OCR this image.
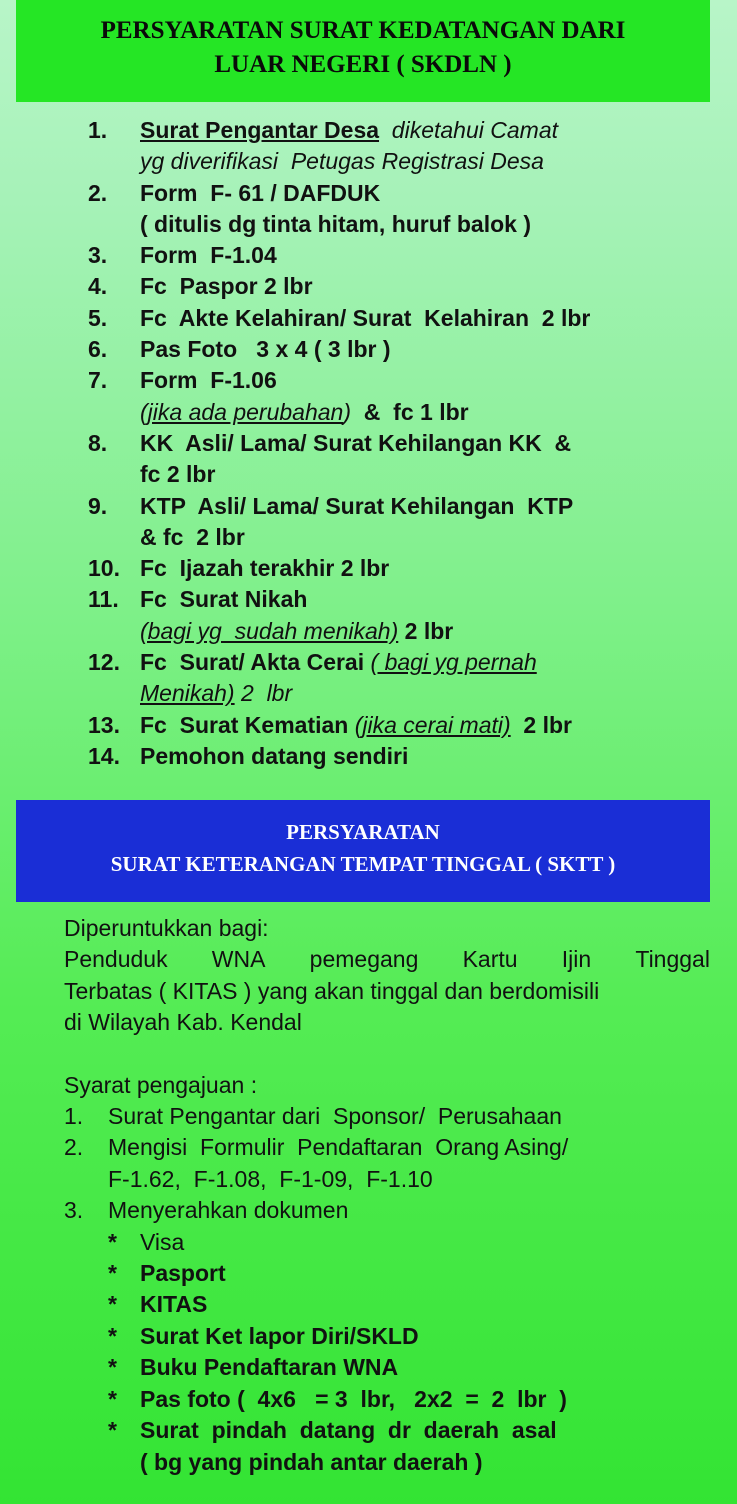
PERSYARATAN SURAT KEDATANGAN DARI
LUAR NEGERI ( SKDLN )
1. Surat Pengantar Desa  diketahui Camat
yg diverifikasi  Petugas Registrasi Desa
2. Form  F- 61 / DAFDUK
( ditulis dg tinta hitam, huruf balok )
3. Form  F-1.04
4. Fc  Paspor 2 lbr
5. Fc  Akte Kelahiran/ Surat  Kelahiran  2 lbr
6. Pas Foto   3 x 4 ( 3 lbr )
7. Form  F-1.06
(jika ada perubahan)  &  fc 1 lbr
8. KK  Asli/ Lama/ Surat Kehilangan KK  &
fc 2 lbr
9. KTP  Asli/ Lama/ Surat Kehilangan  KTP
& fc  2 lbr
10. Fc  Ijazah terakhir 2 lbr
11. Fc  Surat Nikah
(bagi yg  sudah menikah) 2 lbr
12. Fc  Surat/ Akta Cerai ( bagi yg pernah
Menikah) 2  lbr
13. Fc  Surat Kematian (jika cerai mati)  2 lbr
14. Pemohon datang sendiri
PERSYARATAN
SURAT KETERANGAN TEMPAT TINGGAL ( SKTT )
Diperuntukkan bagi:
Penduduk WNA pemegang Kartu Ijin Tinggal
Terbatas ( KITAS ) yang akan tinggal dan berdomisili
di Wilayah Kab. Kendal
Syarat pengajuan :
1. Surat Pengantar dari  Sponsor/  Perusahaan
2. Mengisi  Formulir  Pendaftaran  Orang Asing/
F-1.62,  F-1.08,  F-1-09,  F-1.10
3. Menyerahkan dokumen
* Visa
* Pasport
* KITAS
* Surat Ket lapor Diri/SKLD
* Buku Pendaftaran WNA
* Pas foto (  4x6   = 3  lbr,   2x2  =  2  lbr  )
* Surat  pindah  datang  dr  daerah  asal
( bg yang pindah antar daerah )
